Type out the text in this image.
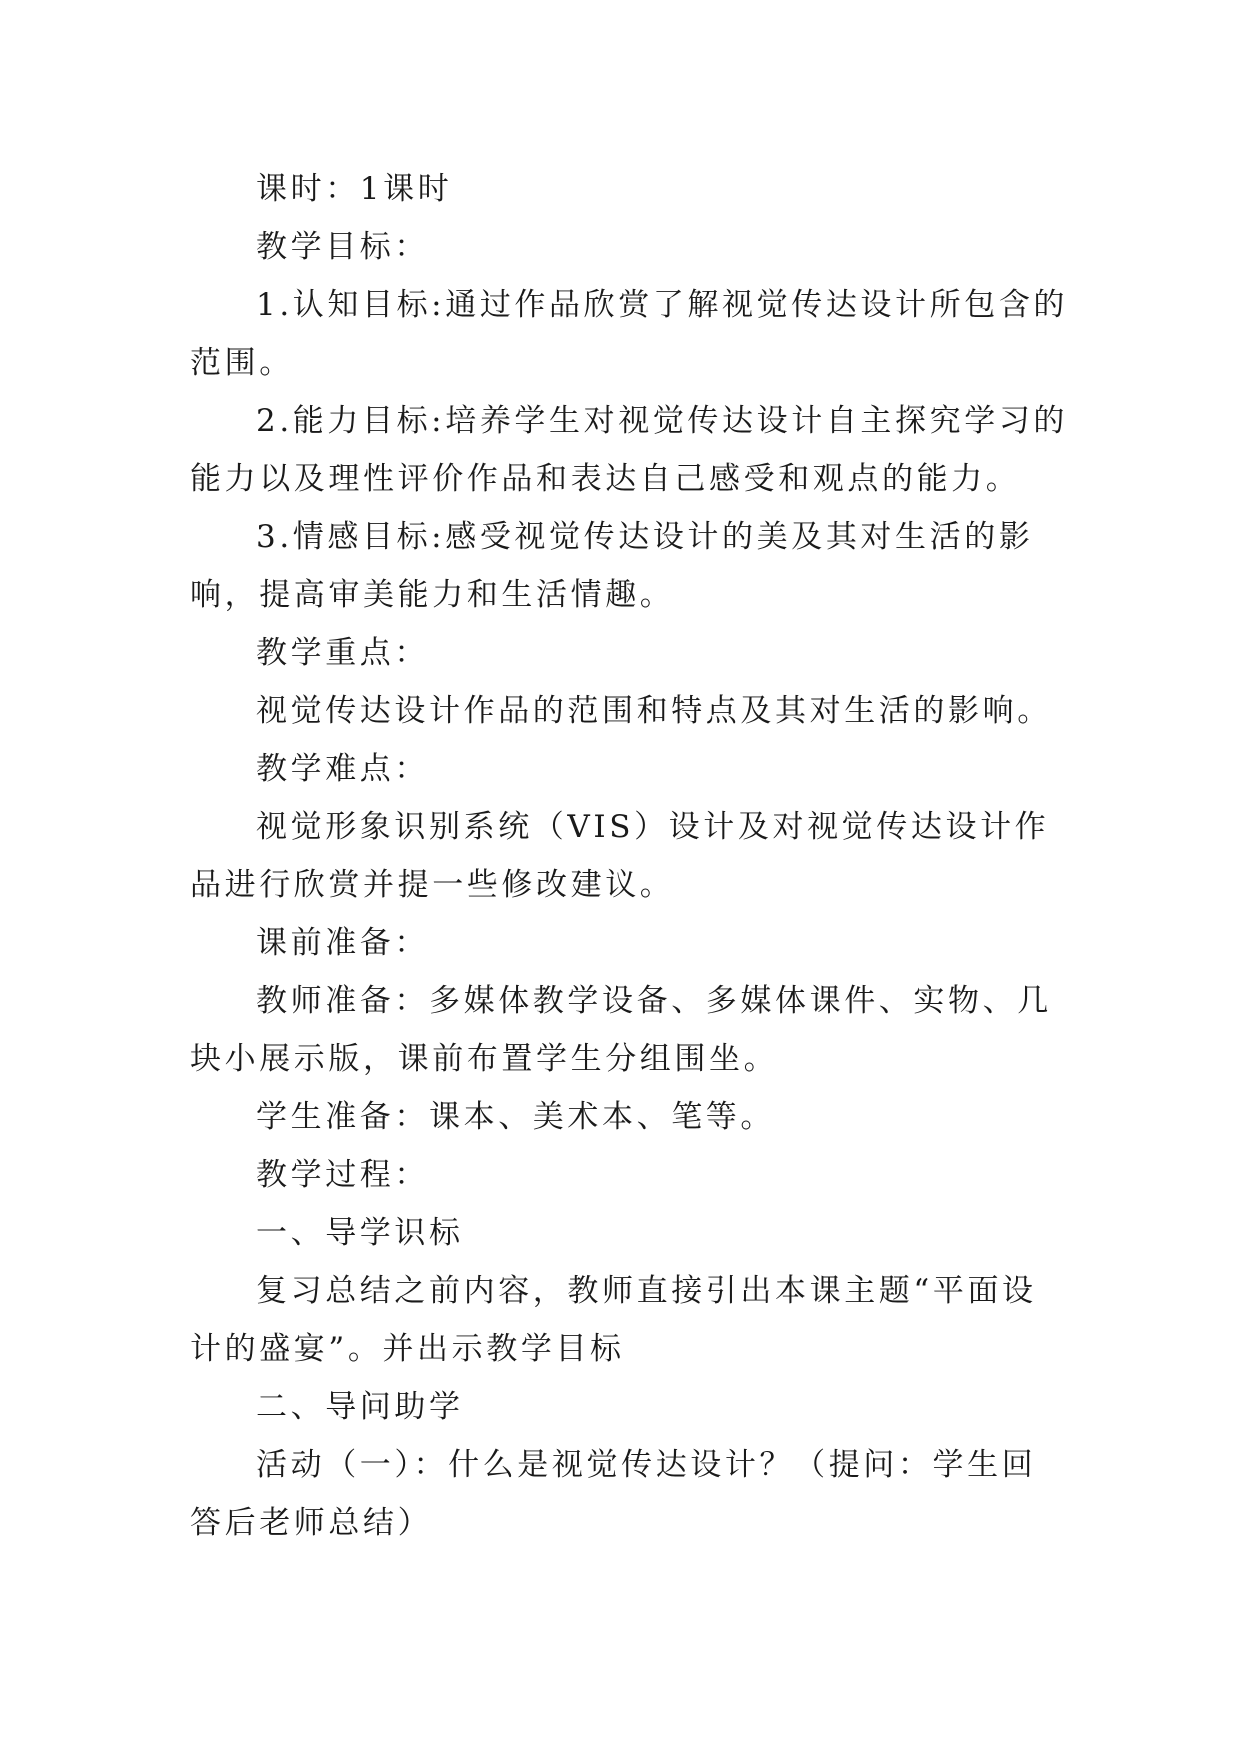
课时：1课时

教学目标：

1.认知目标:通过作品欣赏了解视觉传达设计所包含的范围。

2.能力目标:培养学生对视觉传达设计自主探究学习的能力以及理性评价作品和表达自己感受和观点的能力。

3.情感目标:感受视觉传达设计的美及其对生活的影响，提高审美能力和生活情趣。

教学重点：

视觉传达设计作品的范围和特点及其对生活的影响。

教学难点：

视觉形象识别系统（VIS）设计及对视觉传达设计作品进行欣赏并提一些修改建议。

课前准备：

教师准备：多媒体教学设备、多媒体课件、实物、几块小展示版，课前布置学生分组围坐。

学生准备：课本、美术本、笔等。

教学过程：

一、导学识标

复习总结之前内容，教师直接引出本课主题“平面设计的盛宴”。并出示教学目标

二、导问助学

活动（一）：什么是视觉传达设计？（提问：学生回答后老师总结）
